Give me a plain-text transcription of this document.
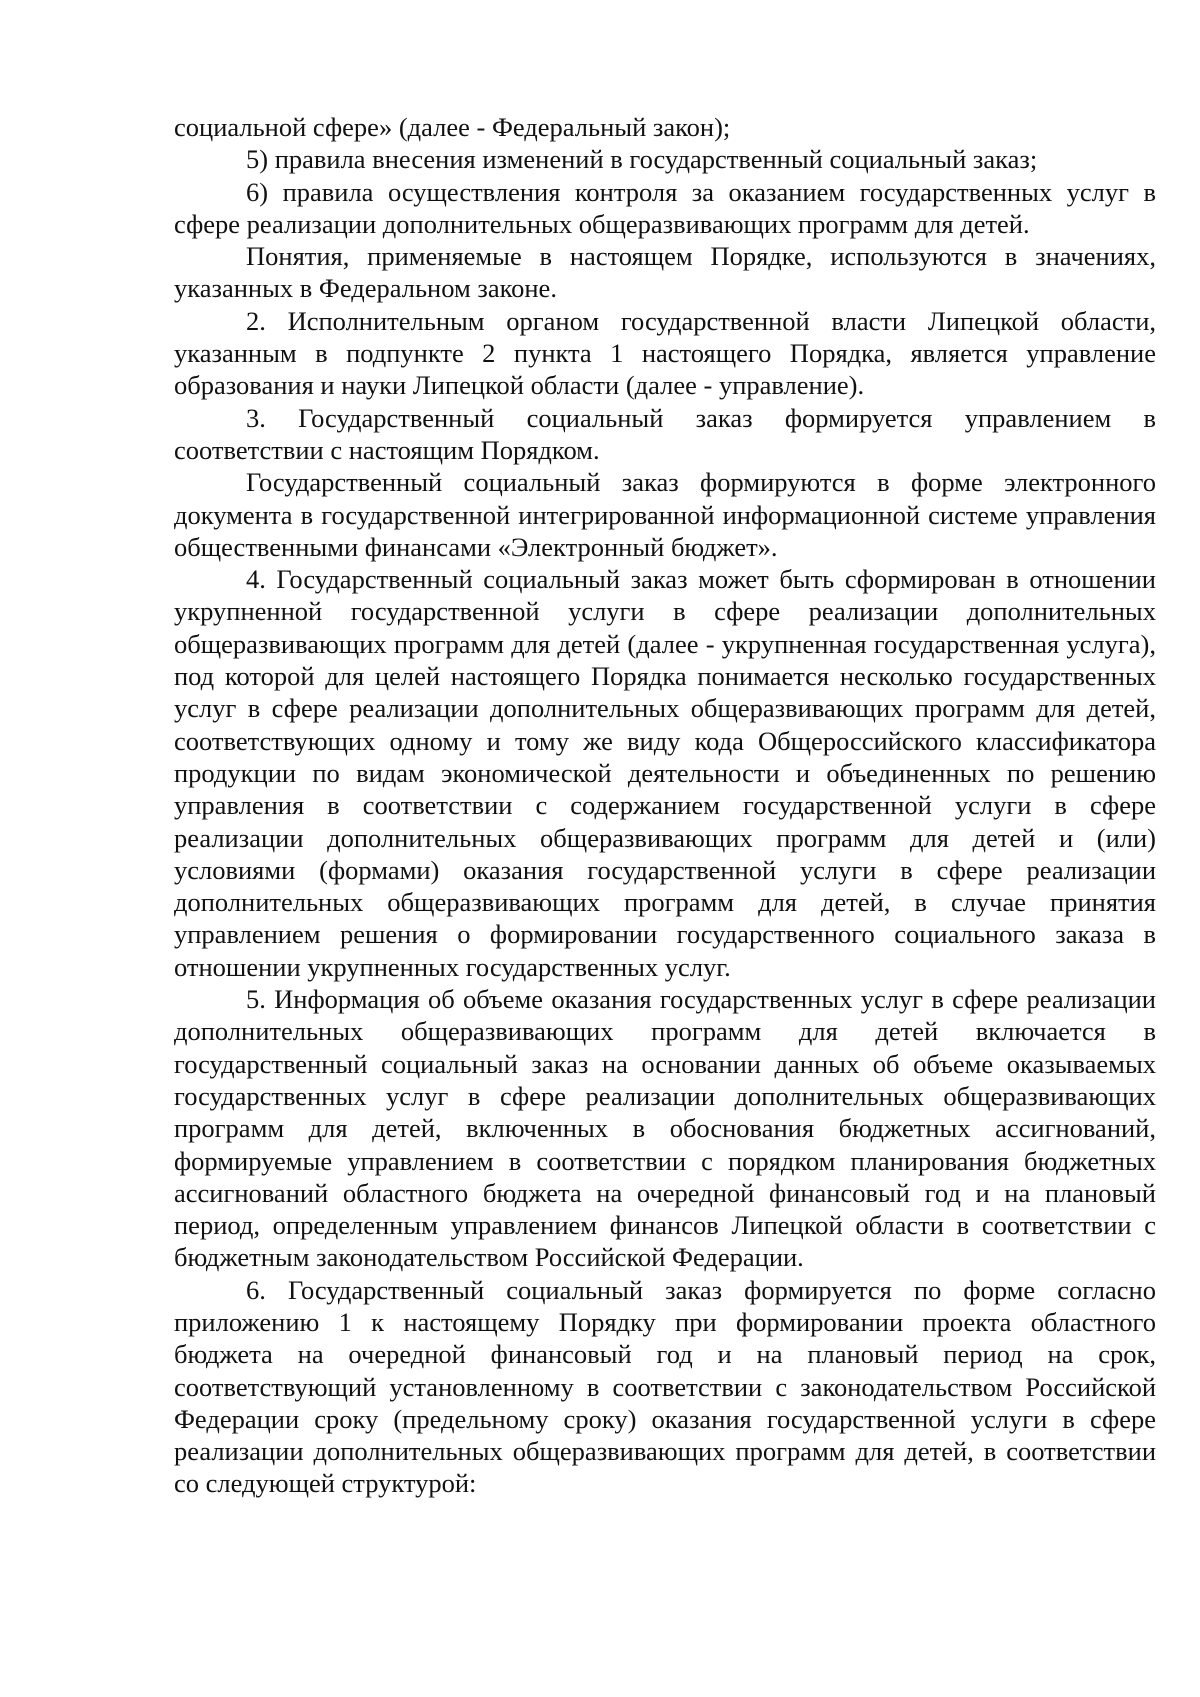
социальной сфере» (далее - Федеральный закон);

5) правила внесения изменений в государственный социальный заказ;

6) правила осуществления контроля за оказанием государственных услуг в сфере реализации дополнительных общеразвивающих программ для детей.

Понятия, применяемые в настоящем Порядке, используются в значениях, указанных в Федеральном законе.

2. Исполнительным органом государственной власти Липецкой области, указанным в подпункте 2 пункта 1 настоящего Порядка, является управление образования и науки Липецкой области (далее - управление).

3. Государственный социальный заказ формируется управлением в соответствии с настоящим Порядком.

Государственный социальный заказ формируются в форме электронного документа в государственной интегрированной информационной системе управления общественными финансами «Электронный бюджет».

4. Государственный социальный заказ может быть сформирован в отношении укрупненной государственной услуги в сфере реализации дополнительных общеразвивающих программ для детей (далее - укрупненная государственная услуга), под которой для целей настоящего Порядка понимается несколько государственных услуг в сфере реализации дополнительных общеразвивающих программ для детей, соответствующих одному и тому же виду кода Общероссийского классификатора продукции по видам экономической деятельности и объединенных по решению управления в соответствии с содержанием государственной услуги в сфере реализации дополнительных общеразвивающих программ для детей и (или) условиями (формами) оказания государственной услуги в сфере реализации дополнительных общеразвивающих программ для детей, в случае принятия управлением решения о формировании государственного социального заказа в отношении укрупненных государственных услуг.

5. Информация об объеме оказания государственных услуг в сфере реализации дополнительных общеразвивающих программ для детей включается в государственный социальный заказ на основании данных об объеме оказываемых государственных услуг в сфере реализации дополнительных общеразвивающих программ для детей, включенных в обоснования бюджетных ассигнований, формируемые управлением в соответствии с порядком планирования бюджетных ассигнований областного бюджета на очередной финансовый год и на плановый период, определенным управлением финансов Липецкой области в соответствии с бюджетным законодательством Российской Федерации.

6. Государственный социальный заказ формируется по форме согласно приложению 1 к настоящему Порядку при формировании проекта областного бюджета на очередной финансовый год и на плановый период на срок, соответствующий установленному в соответствии с законодательством Российской Федерации сроку (предельному сроку) оказания государственной услуги в сфере реализации дополнительных общеразвивающих программ для детей, в соответствии со следующей структурой:
